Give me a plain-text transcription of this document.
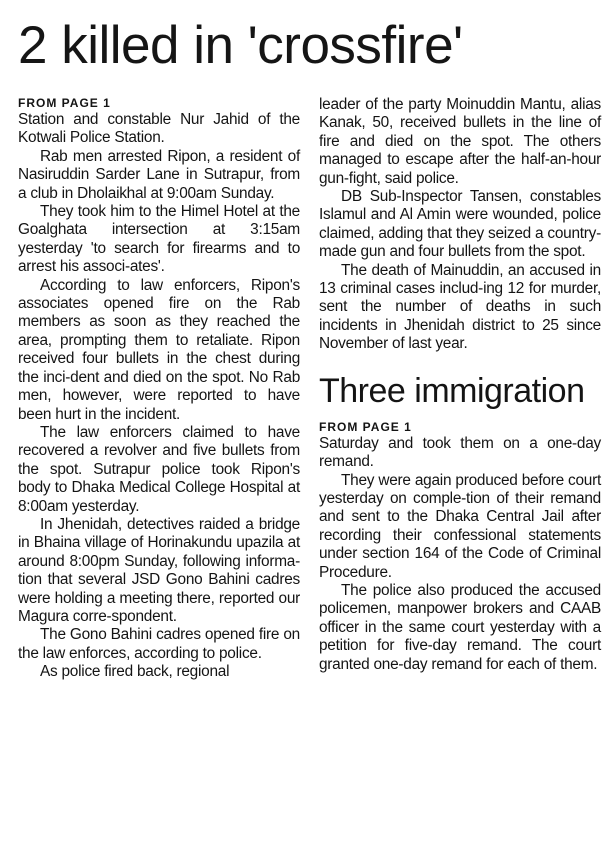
2 killed in 'crossfire'
FROM PAGE 1

Station and constable Nur Jahid of the Kotwali Police Station.

Rab men arrested Ripon, a resident of Nasiruddin Sarder Lane in Sutrapur, from a club in Dholaikhal at 9:00am Sunday.

They took him to the Himel Hotel at the Goalghata intersection at 3:15am yesterday 'to search for firearms and to arrest his associ-ates'.

According to law enforcers, Ripon's associates opened fire on the Rab members as soon as they reached the area, prompting them to retaliate. Ripon received four bullets in the chest during the inci-dent and died on the spot. No Rab men, however, were reported to have been hurt in the incident.

The law enforcers claimed to have recovered a revolver and five bullets from the spot. Sutrapur police took Ripon's body to Dhaka Medical College Hospital at 8:00am yesterday.

In Jhenidah, detectives raided a bridge in Bhaina village of Horinakundu upazila at around 8:00pm Sunday, following informa-tion that several JSD Gono Bahini cadres were holding a meeting there, reported our Magura corre-spondent.

The Gono Bahini cadres opened fire on the law enforces, according to police.

As police fired back, regional

leader of the party Moinuddin Mantu, alias Kanak, 50, received bullets in the line of fire and died on the spot. The others managed to escape after the half-an-hour gun-fight, said police.

DB Sub-Inspector Tansen, constables Islamul and Al Amin were wounded, police claimed, adding that they seized a country-made gun and four bullets from the spot.

The death of Mainuddin, an accused in 13 criminal cases includ-ing 12 for murder, sent the number of deaths in such incidents in Jhenidah district to 25 since November of last year.

Three immigration
FROM PAGE 1

Saturday and took them on a one-day remand.

They were again produced before court yesterday on comple-tion of their remand and sent to the Dhaka Central Jail after recording their confessional statements under section 164 of the Code of Criminal Procedure.

The police also produced the accused policemen, manpower brokers and CAAB officer in the same court yesterday with a petition for five-day remand. The court granted one-day remand for each of them.
